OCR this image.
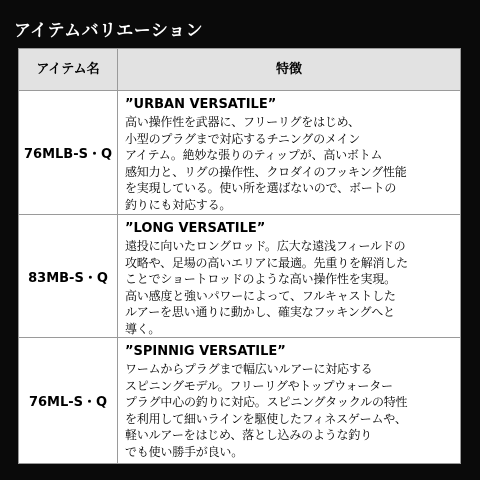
アイテムバリエーション
アイテム名	特徴
76MLB-S・Q
”URBAN VERSATILE”
高い操作性を武器に、フリーリグをはじめ、
小型のプラグまで対応するチニングのメイン
アイテム。絶妙な張りのティップが、高いボトム
感知力と、リグの操作性、クロダイのフッキング性能
を実現している。使い所を選ばないので、ボートの
釣りにも対応する。
83MB-S・Q
”LONG VERSATILE”
遠投に向いたロングロッド。広大な遠浅フィールドの
攻略や、足場の高いエリアに最適。先重りを解消した
ことでショートロッドのような高い操作性を実現。
高い感度と強いパワーによって、フルキャストした
ルアーを思い通りに動かし、確実なフッキングへと
導く。
76ML-S・Q
”SPINNIG VERSATILE”
ワームからプラグまで幅広いルアーに対応する
スピニングモデル。フリーリグやトップウォーター
プラグ中心の釣りに対応。スピニングタックルの特性
を利用して細いラインを駆使したフィネスゲームや、
軽いルアーをはじめ、落とし込みのような釣り
でも使い勝手が良い。
